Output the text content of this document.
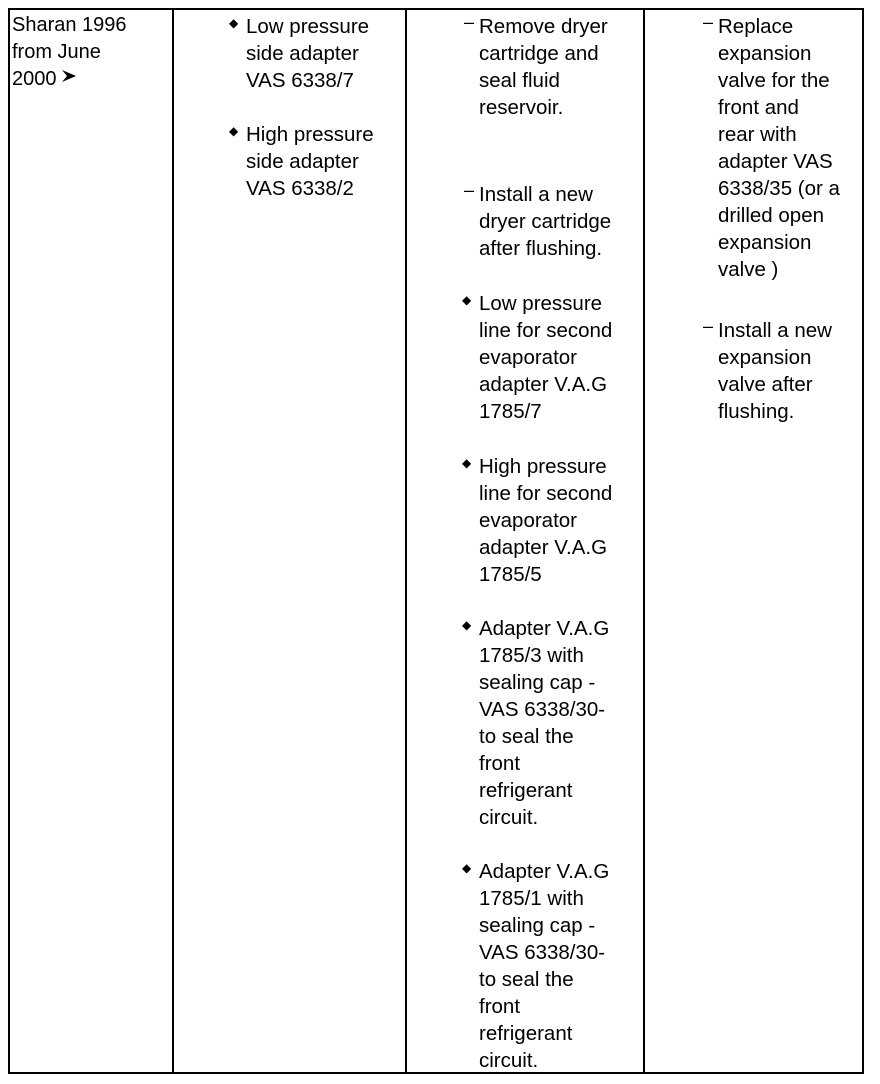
Sharan 1996
from June
2000
◆ Low pressure
side adapter
VAS 6338/7
◆ High pressure
side adapter
VAS 6338/2
– Remove dryer
cartridge and
seal fluid
reservoir.
– Install a new
dryer cartridge
after flushing.
◆ Low pressure
line for second
evaporator
adapter V.A.G
1785/7
◆ High pressure
line for second
evaporator
adapter V.A.G
1785/5
◆ Adapter V.A.G
1785/3 with
sealing cap -
VAS 6338/30-
to seal the
front
refrigerant
circuit.
◆ Adapter V.A.G
1785/1 with
sealing cap -
VAS 6338/30-
to seal the
front
refrigerant
circuit.
– Replace
expansion
valve for the
front and
rear with
adapter VAS
6338/35 (or a
drilled open
expansion
valve )
– Install a new
expansion
valve after
flushing.
